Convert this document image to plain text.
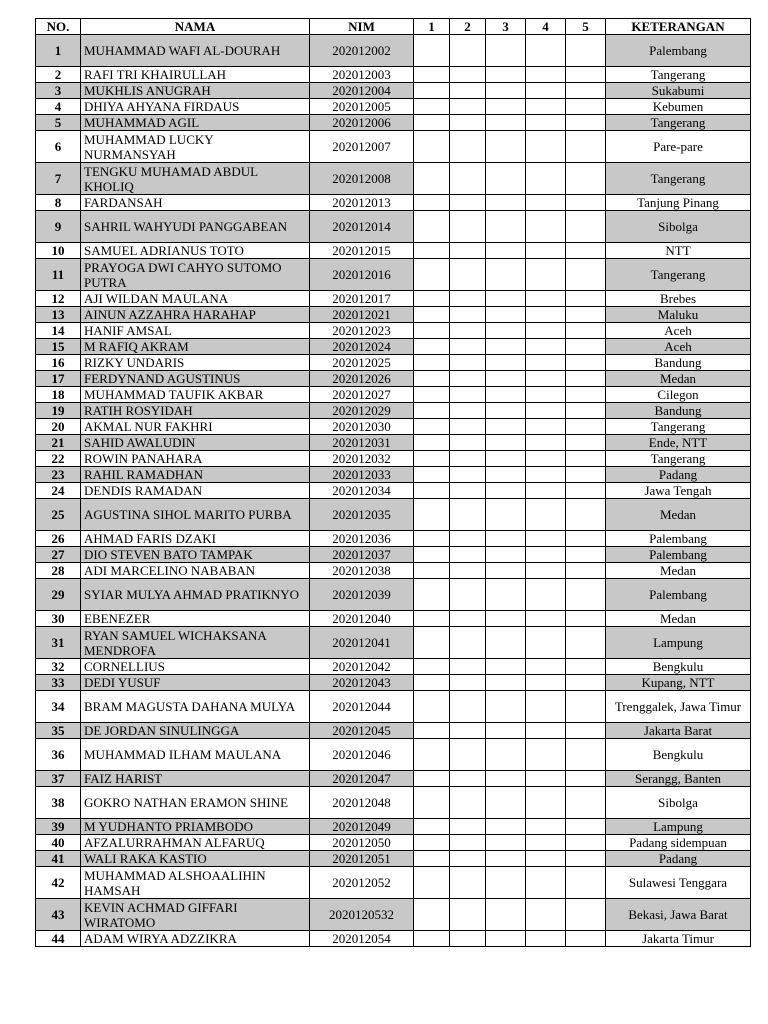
NO.	NAMA	NIM	1	2	3	4	5	KETERANGAN
1	MUHAMMAD WAFI AL-DOURAH	202012002						Palembang
2	RAFI TRI KHAIRULLAH	202012003						Tangerang
3	MUKHLIS ANUGRAH	202012004						Sukabumi
4	DHIYA AHYANA FIRDAUS	202012005						Kebumen
5	MUHAMMAD AGIL	202012006						Tangerang
6	MUHAMMAD LUCKY NURMANSYAH	202012007						Pare-pare
7	TENGKU MUHAMAD ABDUL KHOLIQ	202012008						Tangerang
8	FARDANSAH	202012013						Tanjung Pinang
9	SAHRIL WAHYUDI PANGGABEAN	202012014						Sibolga
10	SAMUEL ADRIANUS TOTO	202012015						NTT
11	PRAYOGA DWI CAHYO SUTOMO PUTRA	202012016						Tangerang
12	AJI WILDAN MAULANA	202012017						Brebes
13	AINUN AZZAHRA HARAHAP	202012021						Maluku
14	HANIF AMSAL	202012023						Aceh
15	M RAFIQ AKRAM	202012024						Aceh
16	RIZKY UNDARIS	202012025						Bandung
17	FERDYNAND AGUSTINUS	202012026						Medan
18	MUHAMMAD TAUFIK AKBAR	202012027						Cilegon
19	RATIH ROSYIDAH	202012029						Bandung
20	AKMAL NUR FAKHRI	202012030						Tangerang
21	SAHID AWALUDIN	202012031						Ende, NTT
22	ROWIN PANAHARA	202012032						Tangerang
23	RAHIL RAMADHAN	202012033						Padang
24	DENDIS RAMADAN	202012034						Jawa Tengah
25	AGUSTINA SIHOL MARITO PURBA	202012035						Medan
26	AHMAD FARIS DZAKI	202012036						Palembang
27	DIO STEVEN BATO TAMPAK	202012037						Palembang
28	ADI MARCELINO NABABAN	202012038						Medan
29	SYIAR MULYA AHMAD PRATIKNYO	202012039						Palembang
30	EBENEZER	202012040						Medan
31	RYAN SAMUEL WICHAKSANA MENDROFA	202012041						Lampung
32	CORNELLIUS	202012042						Bengkulu
33	DEDI YUSUF	202012043						Kupang, NTT
34	BRAM MAGUSTA DAHANA MULYA	202012044						Trenggalek, Jawa Timur
35	DE JORDAN SINULINGGA	202012045						Jakarta Barat
36	MUHAMMAD ILHAM MAULANA	202012046						Bengkulu
37	FAIZ HARIST	202012047						Serangg, Banten
38	GOKRO NATHAN ERAMON SHINE	202012048						Sibolga
39	M YUDHANTO PRIAMBODO	202012049						Lampung
40	AFZALURRAHMAN ALFARUQ	202012050						Padang sidempuan
41	WALI RAKA KASTIO	202012051						Padang
42	MUHAMMAD ALSHOAALIHIN HAMSAH	202012052						Sulawesi Tenggara
43	KEVIN ACHMAD GIFFARI WIRATOMO	2020120532						Bekasi, Jawa Barat
44	ADAM WIRYA ADZZIKRA	202012054						Jakarta Timur
